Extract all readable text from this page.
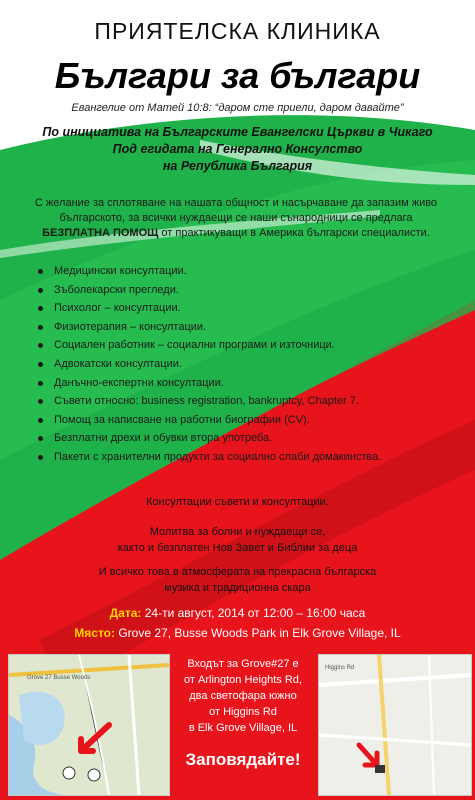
ПРИЯТЕЛСКА КЛИНИКА
Българи за българи
Евангелие от Матей 10:8: “даром сте приели, даром давайте”
По инициатива на Българските Евангелски Църкви в Чикаго
Под егидата на Генерално Консулство
на Република България
С желание за сплотяване на нашата общност и насърчаване да запазим живо българското, за всички нуждаещи се наши сънародници се предлага БЕЗПЛАТНА ПОМОЩ от практикуващи в Америка български специалисти.
Медицински консултации.
Зъболекарски прегледи.
Психолог – консултации.
Физиотерапия – консултации.
Социален работник – социални програми и източници.
Адвокатски консултации.
Данъчно-експертни консултации.
Съвети относно: business registration, bankruptcy, Chapter 7.
Помощ за написване на работни биографии (CV).
Безплатни дрехи и обувки втора употреба.
Пакети с хранителни продукти за социално слаби домакинства.
Консултации съвети и консултации.
Молитва за болни и нуждаещи се,
както и безплатен Нов Завет и Библии за деца
И всичко това в атмосферата на прекрасна българска
музика и традиционна скара
Дата: 24-ти август, 2014 от 12:00 – 16:00 часа
Място: Grove 27, Busse Woods Park in Elk Grove Village, IL
Grove 27 Busse Woods
Входът за Grove#27 е
от Arlington Heights Rd,
два светофара южно
от Higgins Rd
в Elk Grove Village, IL
Заповядайте!
Higgins Rd
